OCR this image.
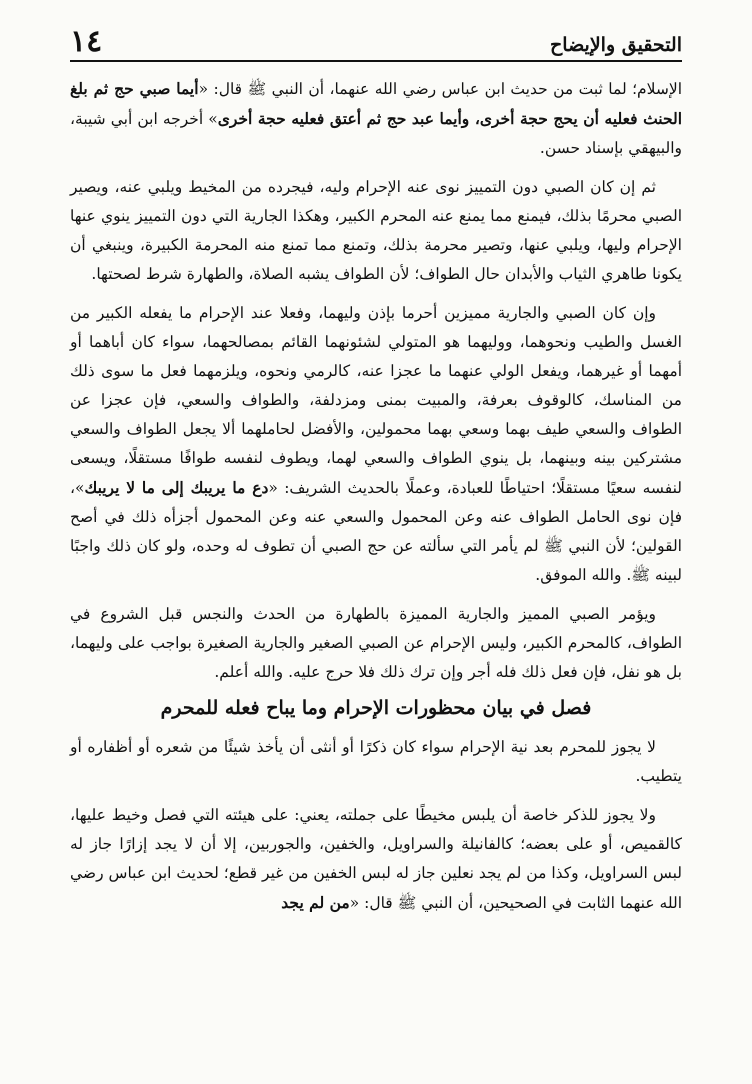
١٤	التحقيق والإيضاح

الإسلام؛ لما ثبت من حديث ابن عباس رضي الله عنهما، أن النبي ﷺ قال: «أيما صبي حج ثم بلغ الحنث فعليه أن يحج حجة أخرى، وأيما عبد حج ثم أعتق فعليه حجة أخرى» أخرجه ابن أبي شيبة، والبيهقي بإسناد حسن.

ثم إن كان الصبي دون التمييز نوى عنه الإحرام وليه، فيجرده من المخيط ويلبي عنه، ويصير الصبي محرمًا بذلك، فيمنع مما يمنع عنه المحرم الكبير، وهكذا الجارية التي دون التمييز ينوي عنها الإحرام وليها، ويلبي عنها، وتصير محرمة بذلك، وتمنع مما تمنع منه المحرمة الكبيرة، وينبغي أن يكونا طاهري الثياب والأبدان حال الطواف؛ لأن الطواف يشبه الصلاة، والطهارة شرط لصحتها.

وإن كان الصبي والجارية مميزين أحرما بإذن وليهما، وفعلا عند الإحرام ما يفعله الكبير من الغسل والطيب ونحوهما، ووليهما هو المتولي لشئونهما القائم بمصالحهما، سواء كان أباهما أو أمهما أو غيرهما، ويفعل الولي عنهما ما عجزا عنه، كالرمي ونحوه، ويلزمهما فعل ما سوى ذلك من المناسك، كالوقوف بعرفة، والمبيت بمنى ومزدلفة، والطواف والسعي، فإن عجزا عن الطواف والسعي طيف بهما وسعي بهما محمولين، والأفضل لحاملهما ألا يجعل الطواف والسعي مشتركين بينه وبينهما، بل ينوي الطواف والسعي لهما، ويطوف لنفسه طوافًا مستقلًا، ويسعى لنفسه سعيًا مستقلًا؛ احتياطًا للعبادة، وعملًا بالحديث الشريف: «دع ما يريبك إلى ما لا يريبك»، فإن نوى الحامل الطواف عنه وعن المحمول والسعي عنه وعن المحمول أجزأه ذلك في أصح القولين؛ لأن النبي ﷺ لم يأمر التي سألته عن حج الصبي أن تطوف له وحده، ولو كان ذلك واجبًا لبينه ﷺ. والله الموفق.

ويؤمر الصبي المميز والجارية المميزة بالطهارة من الحدث والنجس قبل الشروع في الطواف، كالمحرم الكبير، وليس الإحرام عن الصبي الصغير والجارية الصغيرة بواجب على وليهما، بل هو نفل، فإن فعل ذلك فله أجر وإن ترك ذلك فلا حرج عليه. والله أعلم.

فصل في بيان محظورات الإحرام وما يباح فعله للمحرم

لا يجوز للمحرم بعد نية الإحرام سواء كان ذكرًا أو أنثى أن يأخذ شيئًا من شعره أو أظفاره أو يتطيب.

ولا يجوز للذكر خاصة أن يلبس مخيطًا على جملته، يعني: على هيئته التي فصل وخيط عليها، كالقميص، أو على بعضه؛ كالفانيلة والسراويل، والخفين، والجوربين، إلا أن لا يجد إزارًا جاز له لبس السراويل، وكذا من لم يجد نعلين جاز له لبس الخفين من غير قطع؛ لحديث ابن عباس رضي الله عنهما الثابت في الصحيحين، أن النبي ﷺ قال: «من لم يجد
